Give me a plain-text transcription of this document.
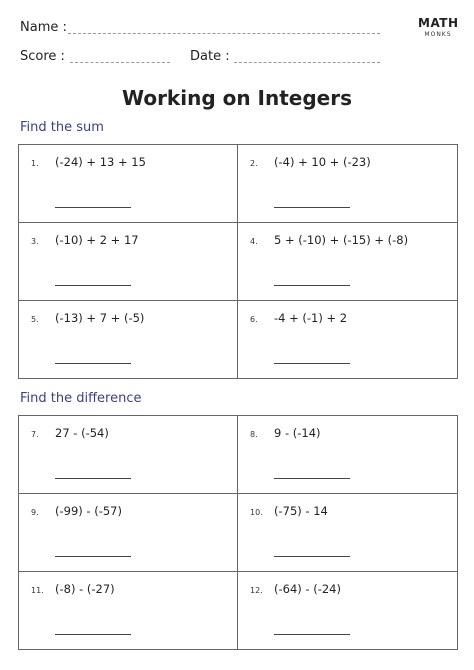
Name :
Score :	Date :
MATH
MONKS
Working on Integers
Find the sum
1. (-24) + 13 + 15	2. (-4) + 10 + (-23)
3. (-10) + 2 + 17	4. 5 + (-10) + (-15) + (-8)
5. (-13) + 7 + (-5)	6. -4 + (-1) + 2
Find the difference
7. 27 - (-54)	8. 9 - (-14)
9. (-99) - (-57)	10. (-75) - 14
11. (-8) - (-27)	12. (-64) - (-24)
